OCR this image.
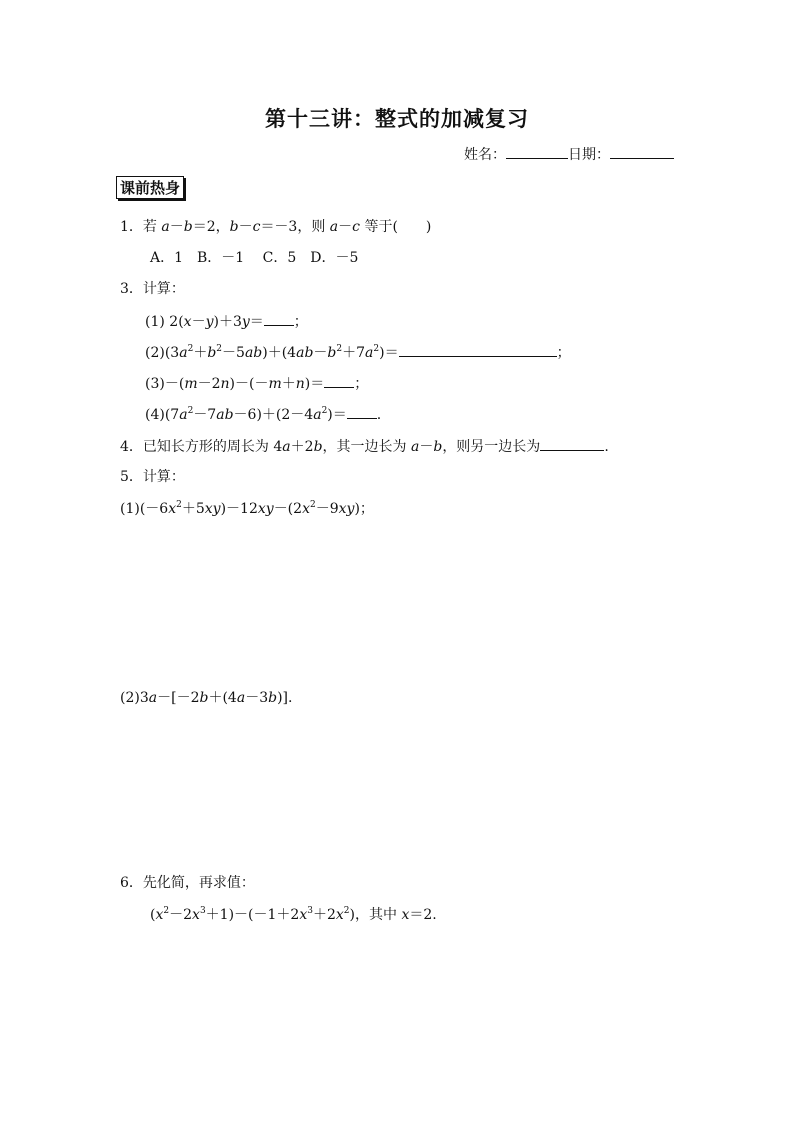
第十三讲：整式的加减复习
姓名：	日期：
课前热身
1．若 a－b＝2，b－c＝－3，则 a－c 等于(　　)
A．1　B．－1　 C．5　D．－5
3．计算：
(1) 2(x－y)＋3y＝ ；
$(2)(3a^2+b^2-5ab)+(4ab-b^2+7a^2)=$	；
(3)－(m－2n)－(－m＋n)＝ ；
$(4)(7a^2-7ab-6)+(2-4a^2)=$ .
4．已知长方形的周长为 4a＋2b，其一边长为 a－b，则另一边长为	.
5．计算：
$(1)(-6x^2+5xy)-12xy-(2x^2-9xy)$；
(2)3a－[－2b＋(4a－3b)].
6．先化简，再求值：
$(x^2-2x^3+1)-(-1+2x^3+2x^2)$，其中 x＝2.
